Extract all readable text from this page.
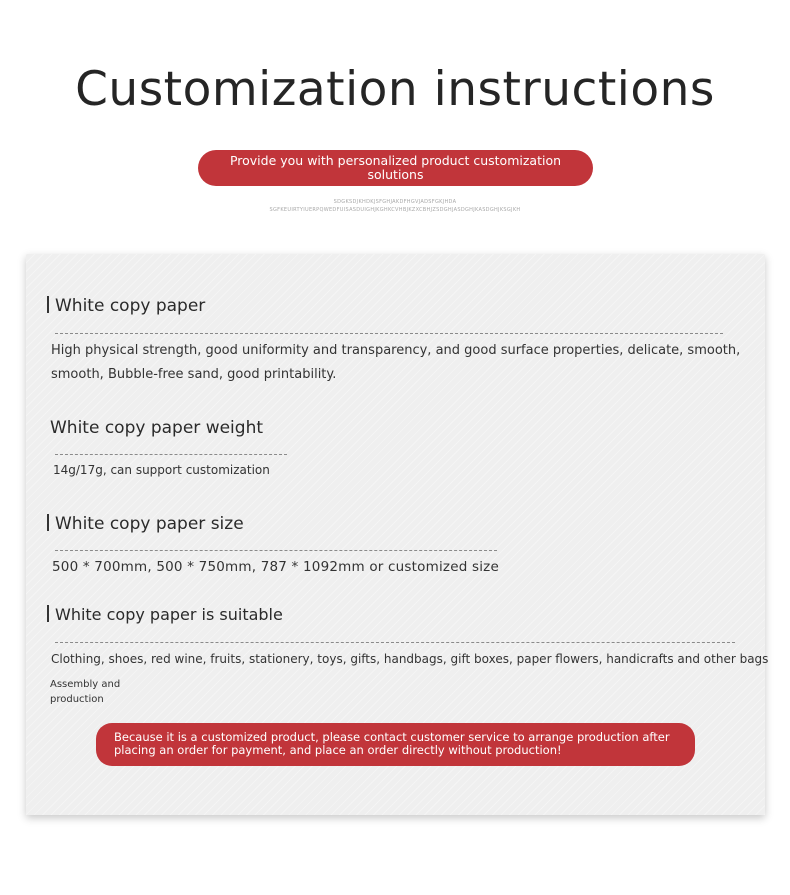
Customization instructions
Provide you with personalized product customization solutions
SDGKSDJKHDKJSFGHJAKDFHGVJADSFGKJHDA
SGFKEUIRTYIUERPQWEDFUISASDUIGHJKGHKCVHBJKZXCBHJZSDGHJASDGHJKASDGHJKSGJKH
White copy paper
High physical strength, good uniformity and transparency, and good surface properties, delicate, smooth, smooth, Bubble-free sand, good printability.
White copy paper weight
14g/17g, can support customization
White copy paper size
500 * 700mm, 500 * 750mm, 787 * 1092mm or customized size
White copy paper is suitable
Clothing, shoes, red wine, fruits, stationery, toys, gifts, handbags, gift boxes, paper flowers, handicrafts and other bags
Assembly and production
Because it is a customized product, please contact customer service to arrange production after placing an order for payment, and place an order directly without production!
